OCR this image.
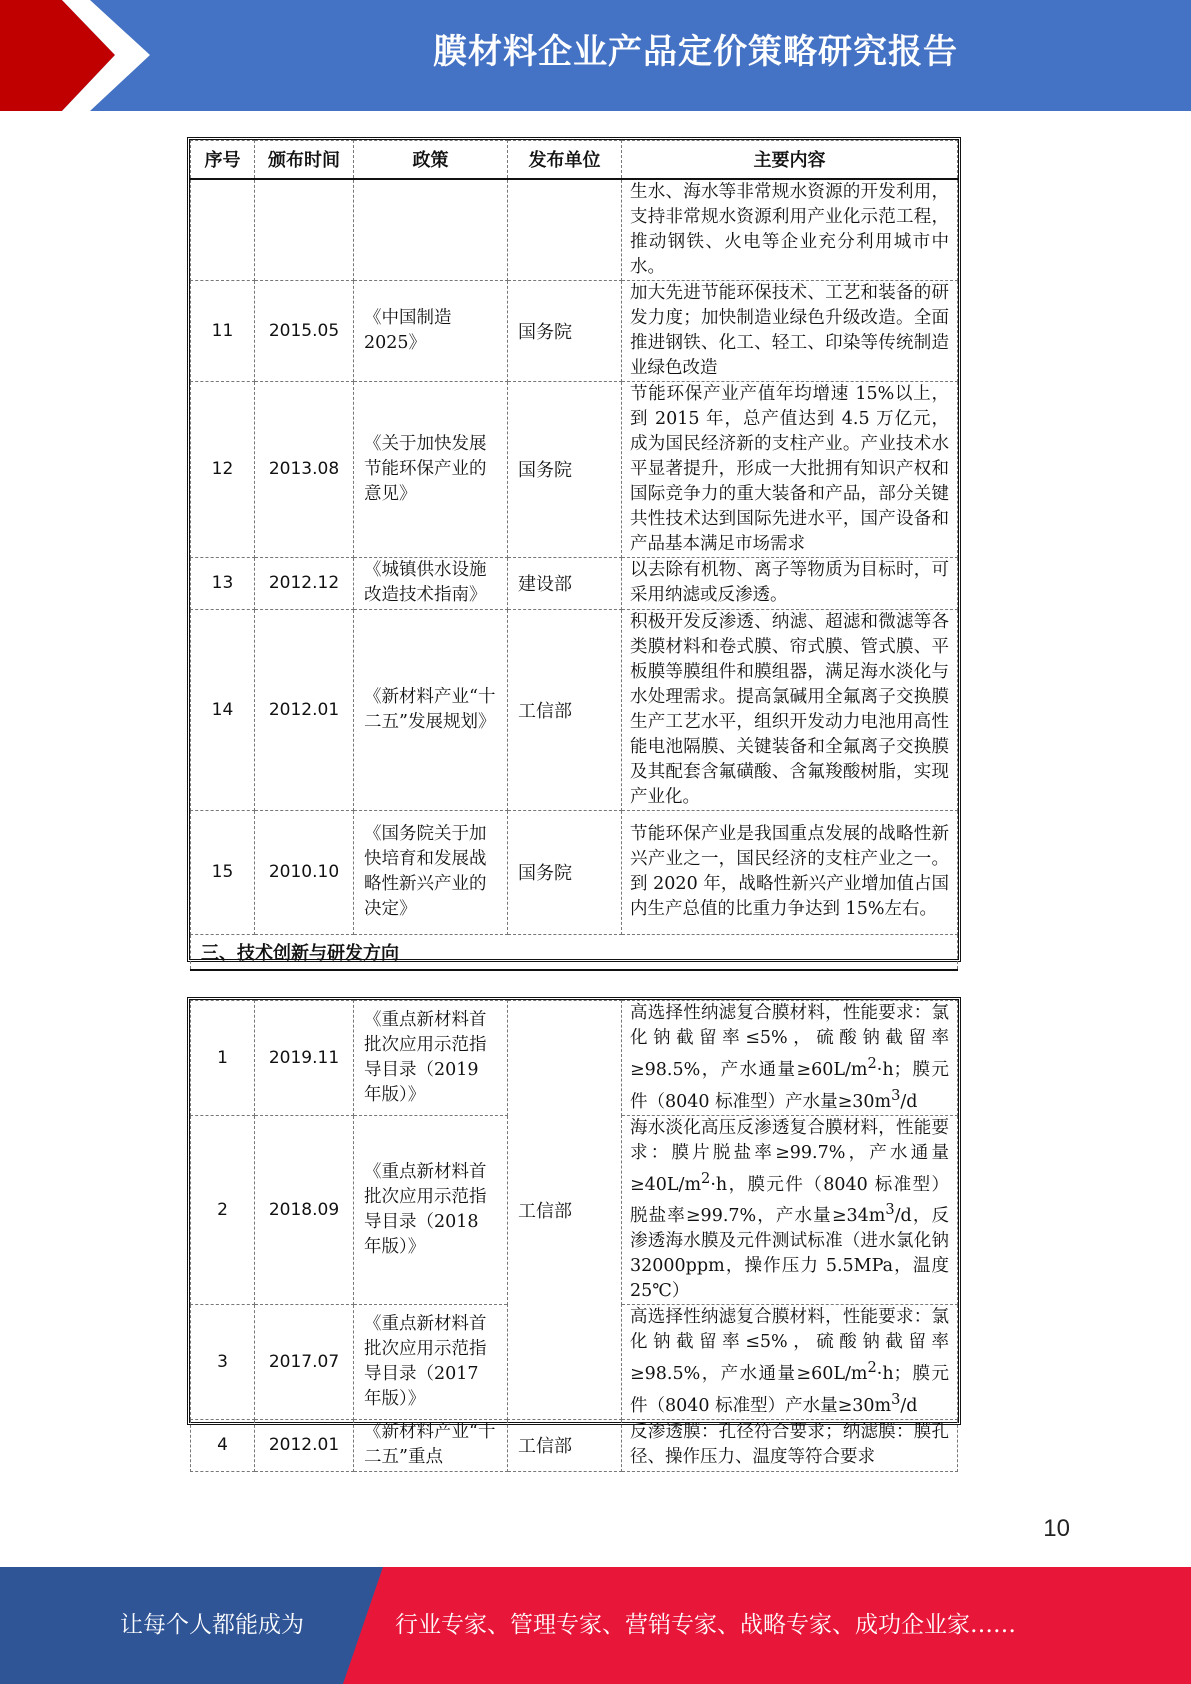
膜材料企业产品定价策略研究报告
序号	颁布时间	政策	发布单位	主要内容
				生水、海水等非常规水资源的开发利用，支持非常规水资源利用产业化示范工程，推动钢铁、火电等企业充分利用城市中水。
11	2015.05	《中国制造2025》	国务院	加大先进节能环保技术、工艺和装备的研发力度；加快制造业绿色升级改造。全面推进钢铁、化工、轻工、印染等传统制造业绿色改造
12	2013.08	《关于加快发展节能环保产业的意见》	国务院	节能环保产业产值年均增速 15%以上，到 2015 年，总产值达到 4.5 万亿元，成为国民经济新的支柱产业。产业技术水平显著提升，形成一大批拥有知识产权和国际竞争力的重大装备和产品，部分关键共性技术达到国际先进水平，国产设备和产品基本满足市场需求
13	2012.12	《城镇供水设施改造技术指南》	建设部	以去除有机物、离子等物质为目标时，可采用纳滤或反渗透。
14	2012.01	《新材料产业“十二五”发展规划》	工信部	积极开发反渗透、纳滤、超滤和微滤等各类膜材料和卷式膜、帘式膜、管式膜、平板膜等膜组件和膜组器，满足海水淡化与水处理需求。提高氯碱用全氟离子交换膜生产工艺水平，组织开发动力电池用高性能电池隔膜、关键装备和全氟离子交换膜及其配套含氟磺酸、含氟羧酸树脂，实现产业化。
15	2010.10	《国务院关于加快培育和发展战略性新兴产业的决定》	国务院	节能环保产业是我国重点发展的战略性新兴产业之一，国民经济的支柱产业之一。到 2020 年，战略性新兴产业增加值占国内生产总值的比重力争达到 15%左右。
三、技术创新与研发方向				
1	2019.11	《重点新材料首批次应用示范指导目录（2019 年版）》	工信部	高选择性纳滤复合膜材料，性能要求：氯化钠截留率≤5%，硫酸钠截留率≥98.5%，产水通量$\ge 60L/m^2\cdot h$；膜元件（8040 标准型）产水量$\ge 30m^3/d$
2	2018.09	《重点新材料首批次应用示范指导目录（2018 年版）》		海水淡化高压反渗透复合膜材料，性能要求：膜片脱盐率≥99.7%，产水通量$\ge 40L/m^2\cdot h$，膜元件（8040 标准型）脱盐率≥99.7%，产水量$\ge 34m^3/d$，反渗透海水膜及元件测试标准（进水氯化钠 32000ppm，操作压力 5.5MPa，温度 25℃）
3	2017.07	《重点新材料首批次应用示范指导目录（2017 年版）》		高选择性纳滤复合膜材料，性能要求：氯化钠截留率≤5%，硫酸钠截留率≥98.5%，产水通量$\ge 60L/m^2\cdot h$；膜元件（8040 标准型）产水量$\ge 30m^3/d$
4	2012.01	《新材料产业“十二五”重点	工信部	反渗透膜：孔径符合要求；纳滤膜：膜孔径、操作压力、温度等符合要求
10
让每个人都能成为	行业专家、管理专家、营销专家、战略专家、成功企业家……
